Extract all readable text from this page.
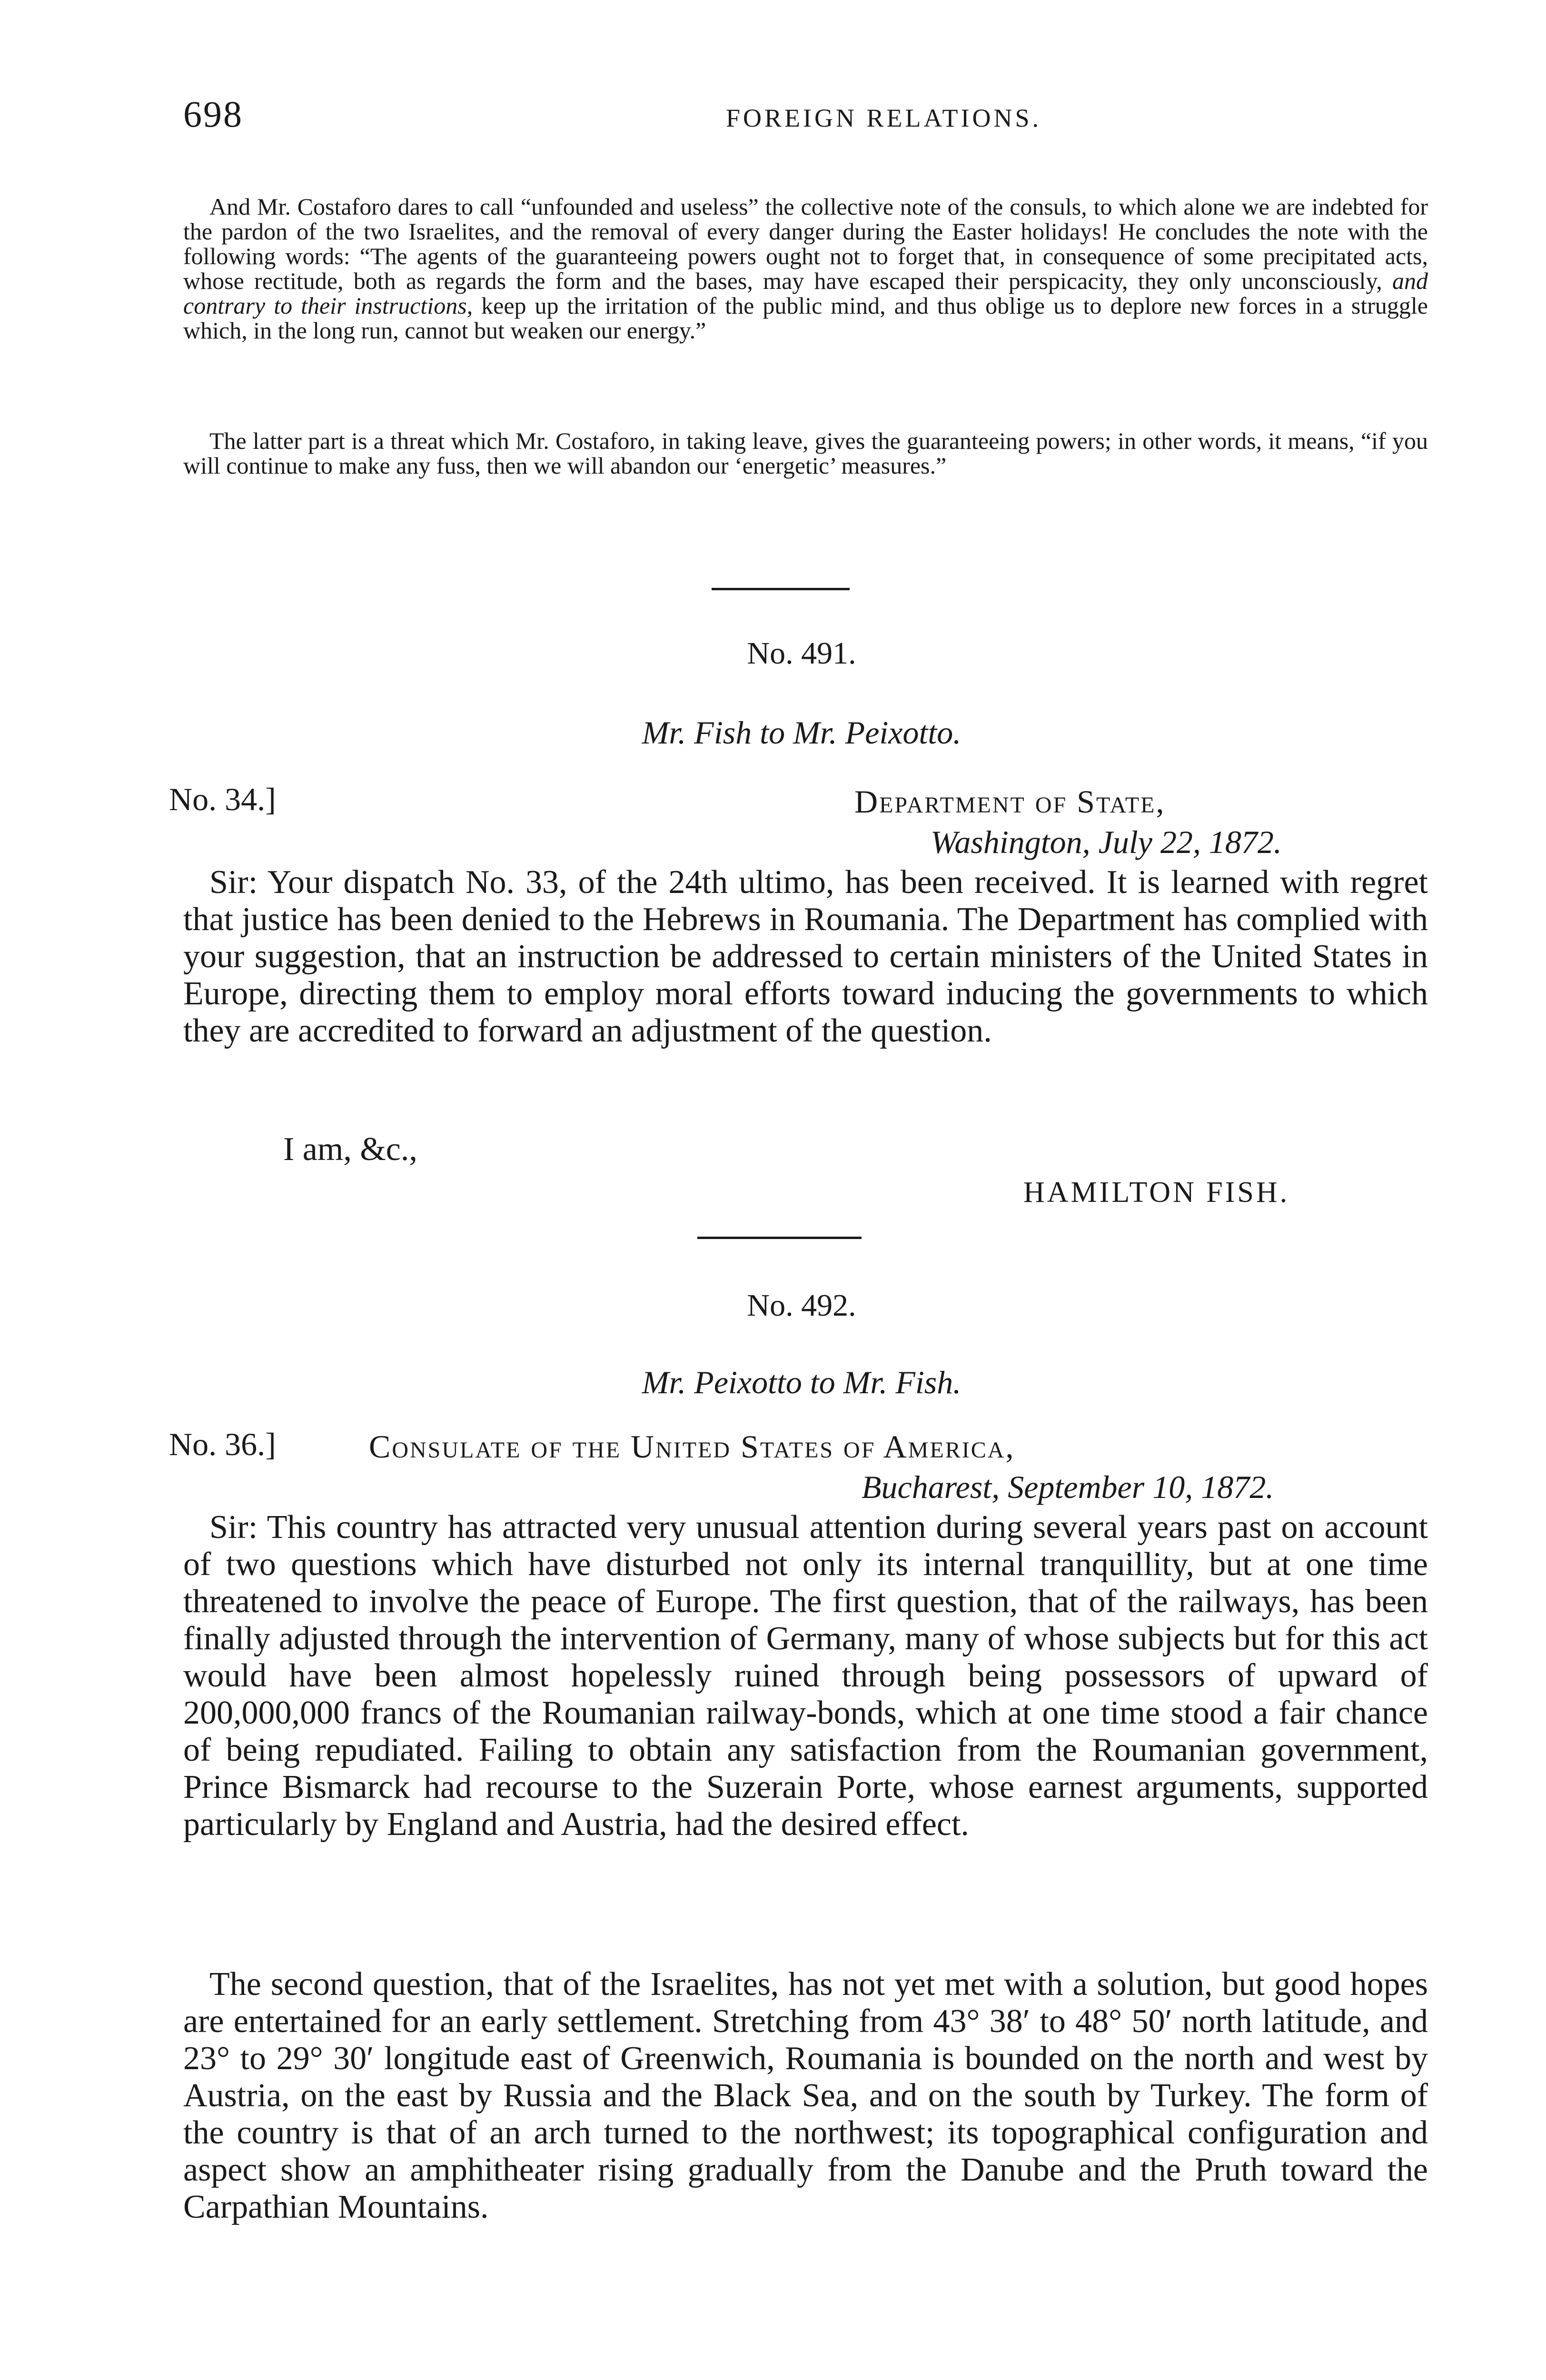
698	FOREIGN RELATIONS.

And Mr. Costaforo dares to call “unfounded and useless” the collective note of the consuls, to which alone we are indebted for the pardon of the two Israelites, and the removal of every danger during the Easter holidays! He concludes the note with the following words: “The agents of the guaranteeing powers ought not to forget that, in consequence of some precipitated acts, whose rectitude, both as regards the form and the bases, may have escaped their perspicacity, they only unconsciously, and contrary to their instructions, keep up the irritation of the public mind, and thus oblige us to deplore new forces in a struggle which, in the long run, cannot but weaken our energy.”

The latter part is a threat which Mr. Costaforo, in taking leave, gives the guaranteeing powers; in other words, it means, “if you will continue to make any fuss, then we will abandon our ‘energetic’ measures.”

No. 491.
Mr. Fish to Mr. Peixotto.
No. 34.]	Department of State,
Washington, July 22, 1872.

Sir: Your dispatch No. 33, of the 24th ultimo, has been received. It is learned with regret that justice has been denied to the Hebrews in Roumania. The Department has complied with your suggestion, that an instruction be addressed to certain ministers of the United States in Europe, directing them to employ moral efforts toward inducing the governments to which they are accredited to forward an adjustment of the question.

I am, &c.,
HAMILTON FISH.
No. 492.
Mr. Peixotto to Mr. Fish.
No. 36.]	Consulate of the United States of America,
Bucharest, September 10, 1872.

Sir: This country has attracted very unusual attention during several years past on account of two questions which have disturbed not only its internal tranquillity, but at one time threatened to involve the peace of Europe. The first question, that of the railways, has been finally adjusted through the intervention of Germany, many of whose subjects but for this act would have been almost hopelessly ruined through being possessors of upward of 200,000,000 francs of the Roumanian railway-bonds, which at one time stood a fair chance of being repudiated. Failing to obtain any satisfaction from the Roumanian government, Prince Bismarck had recourse to the Suzerain Porte, whose earnest arguments, supported particularly by England and Austria, had the desired effect.

The second question, that of the Israelites, has not yet met with a solution, but good hopes are entertained for an early settlement. Stretching from 43° 38′ to 48° 50′ north latitude, and 23° to 29° 30′ longitude east of Greenwich, Roumania is bounded on the north and west by Austria, on the east by Russia and the Black Sea, and on the south by Turkey. The form of the country is that of an arch turned to the northwest; its topographical configuration and aspect show an amphitheater rising gradually from the Danube and the Pruth toward the Carpathian Mountains.
